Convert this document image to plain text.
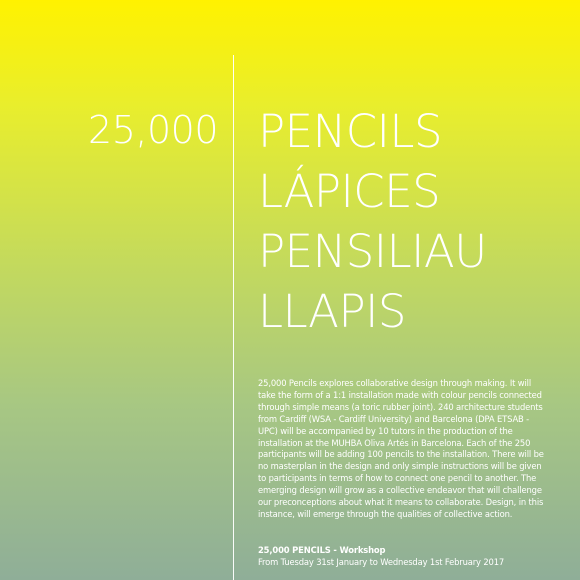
25,000 PENCILS
LÁPICES
PENSILIAU
LLAPIS

25,000 Pencils explores collaborative design through making. It will take the form of a 1:1 installation made with colour pencils connected through simple means (a toric rubber joint). 240 architecture students from Cardiff (WSA - Cardiff University) and Barcelona (DPA ETSAB - UPC) will be accompanied by 10 tutors in the production of the installation at the MUHBA Oliva Artés in Barcelona. Each of the 250 participants will be adding 100 pencils to the installation. There will be no masterplan in the design and only simple instructions will be given to participants in terms of how to connect one pencil to another. The emerging design will grow as a collective endeavor that will challenge our preconceptions about what it means to collaborate. Design, in this instance, will emerge through the qualities of collective action.

25,000 PENCILS - Workshop
From Tuesday 31st January to Wednesday 1st February 2017
